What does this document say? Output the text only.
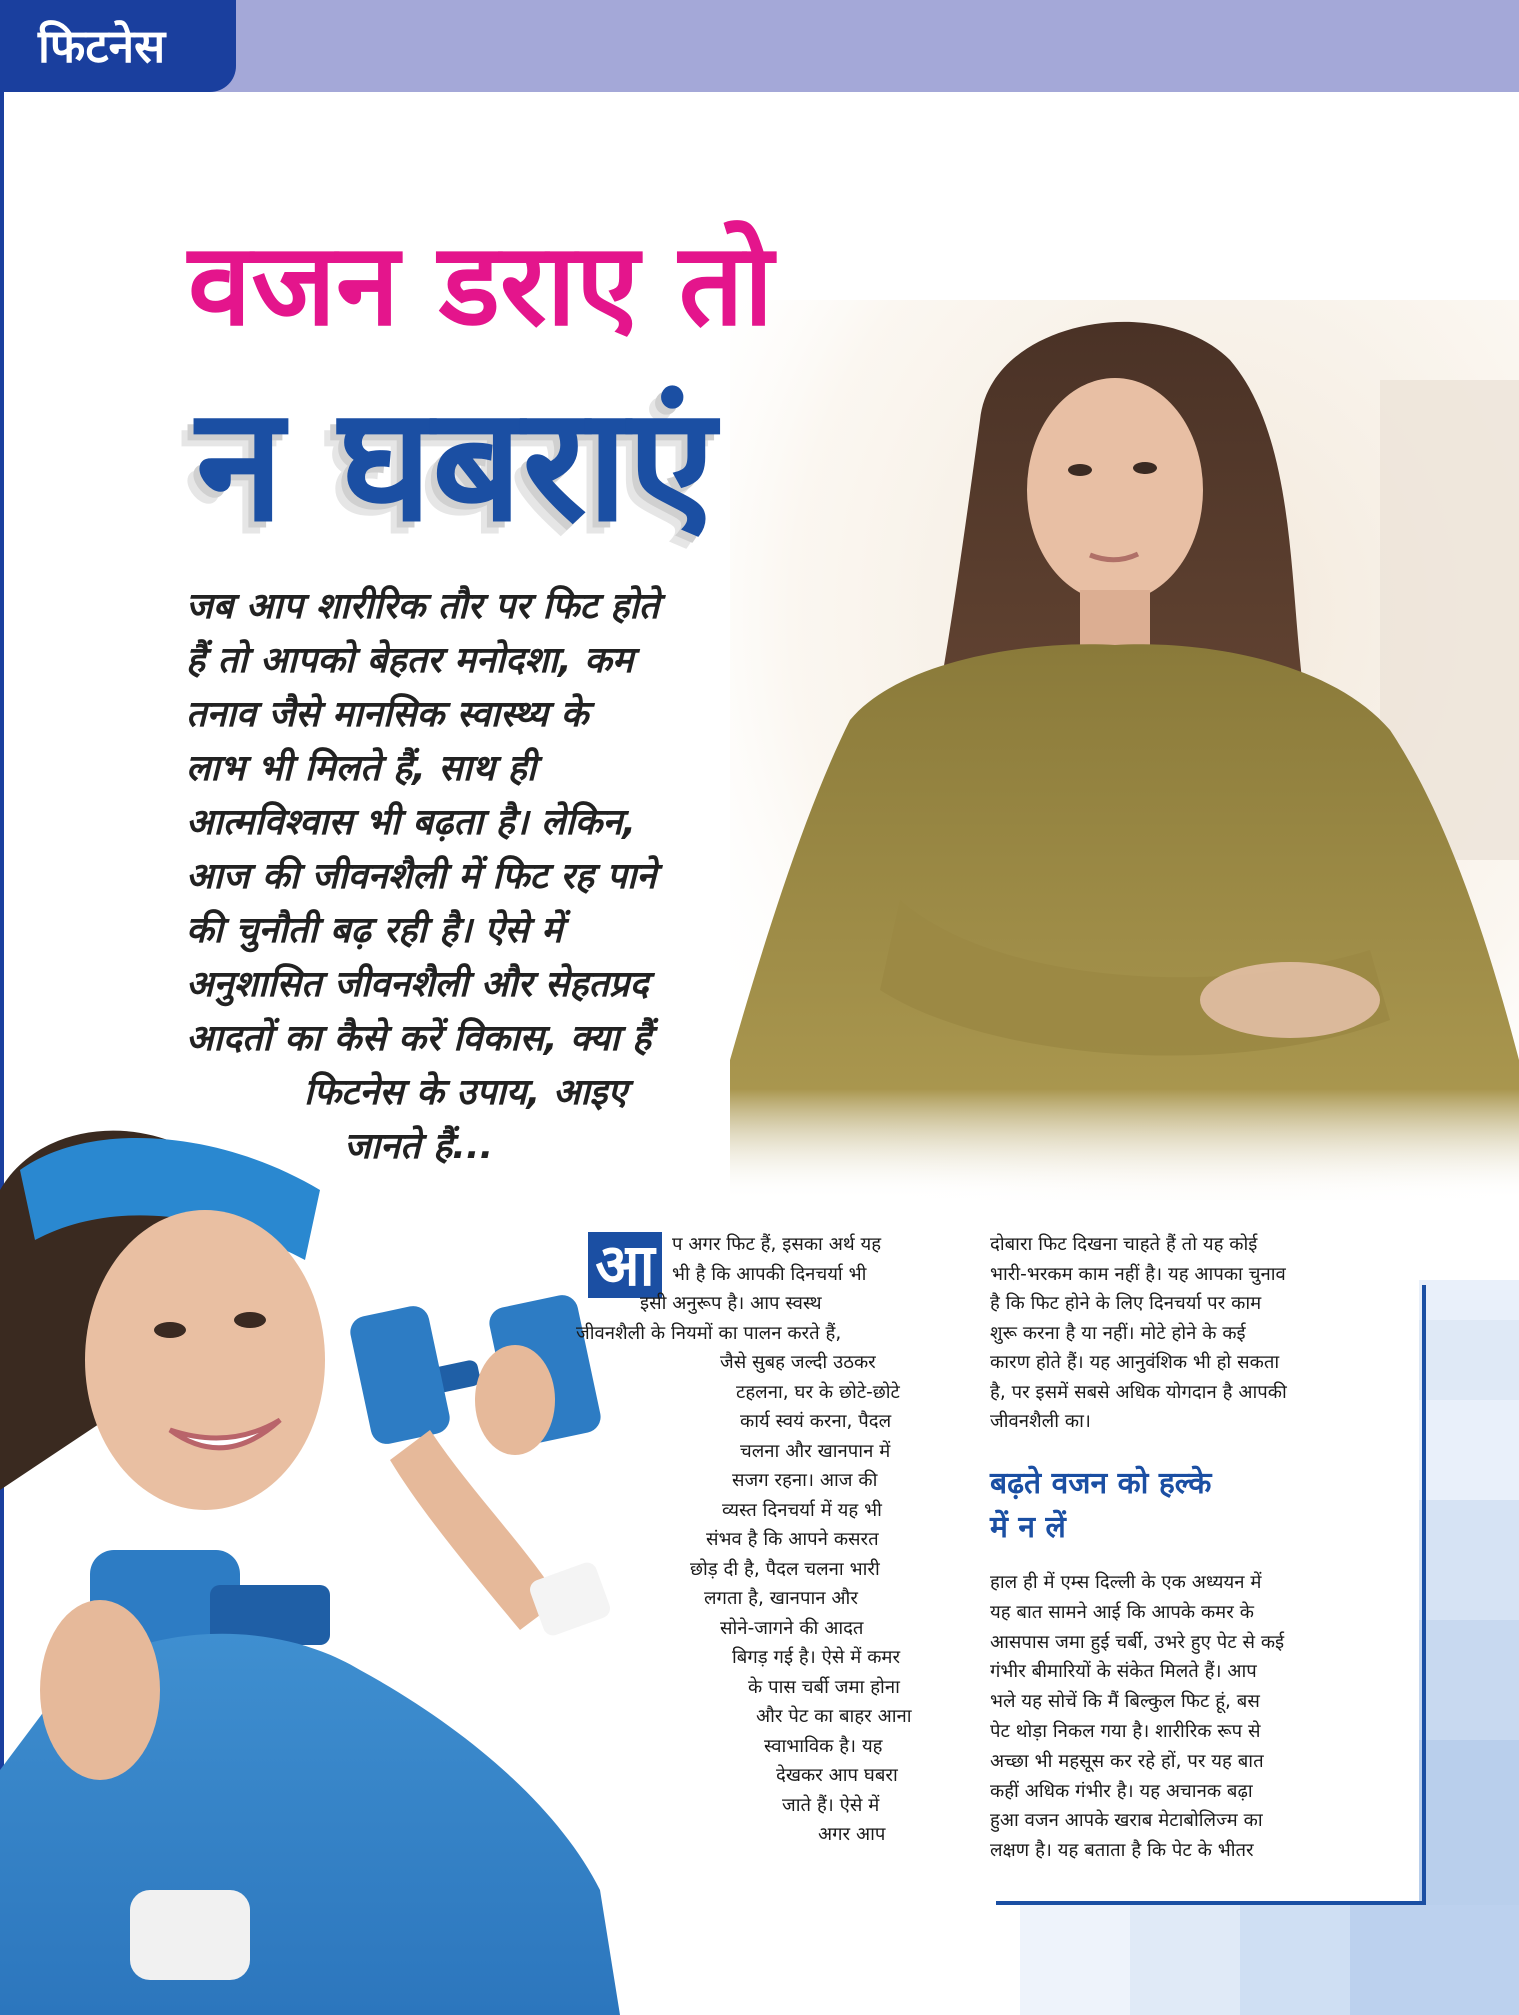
फिटनेस
वजन डराए तो
न घबराएं
जब आप शारीरिक तौर पर फिट होते
हैं तो आपको बेहतर मनोदशा, कम
तनाव जैसे मानसिक स्वास्थ्य के
लाभ भी मिलते हैं, साथ ही
आत्मविश्वास भी बढ़ता है। लेकिन,
आज की जीवनशैली में फिट रह पाने
की चुनौती बढ़ रही है। ऐसे में
अनुशासित जीवनशैली और सेहतप्रद
आदतों का कैसे करें विकास, क्या हैं
फिटनेस के उपाय, आइए
जानते हैं...
आ प अगर फिट हैं, इसका अर्थ यह
भी है कि आपकी दिनचर्या भी
इसी अनुरूप है। आप स्वस्थ
जीवनशैली के नियमों का पालन करते हैं,
जैसे सुबह जल्दी उठकर
टहलना, घर के छोटे-छोटे
कार्य स्वयं करना, पैदल
चलना और खानपान में
सजग रहना। आज की
व्यस्त दिनचर्या में यह भी
संभव है कि आपने कसरत
छोड़ दी है, पैदल चलना भारी
लगता है, खानपान और
सोने-जागने की आदत
बिगड़ गई है। ऐसे में कमर
के पास चर्बी जमा होना
और पेट का बाहर आना
स्वाभाविक है। यह
देखकर आप घबरा
जाते हैं। ऐसे में
अगर आप
दोबारा फिट दिखना चाहते हैं तो यह कोई
भारी-भरकम काम नहीं है। यह आपका चुनाव
है कि फिट होने के लिए दिनचर्या पर काम
शुरू करना है या नहीं। मोटे होने के कई
कारण होते हैं। यह आनुवंशिक भी हो सकता
है, पर इसमें सबसे अधिक योगदान है आपकी
जीवनशैली का।
बढ़ते वजन को हल्के
में न लें
हाल ही में एम्स दिल्ली के एक अध्ययन में
यह बात सामने आई कि आपके कमर के
आसपास जमा हुई चर्बी, उभरे हुए पेट से कई
गंभीर बीमारियों के संकेत मिलते हैं। आप
भले यह सोचें कि मैं बिल्कुल फिट हूं, बस
पेट थोड़ा निकल गया है। शारीरिक रूप से
अच्छा भी महसूस कर रहे हों, पर यह बात
कहीं अधिक गंभीर है। यह अचानक बढ़ा
हुआ वजन आपके खराब मेटाबोलिज्म का
लक्षण है। यह बताता है कि पेट के भीतर
